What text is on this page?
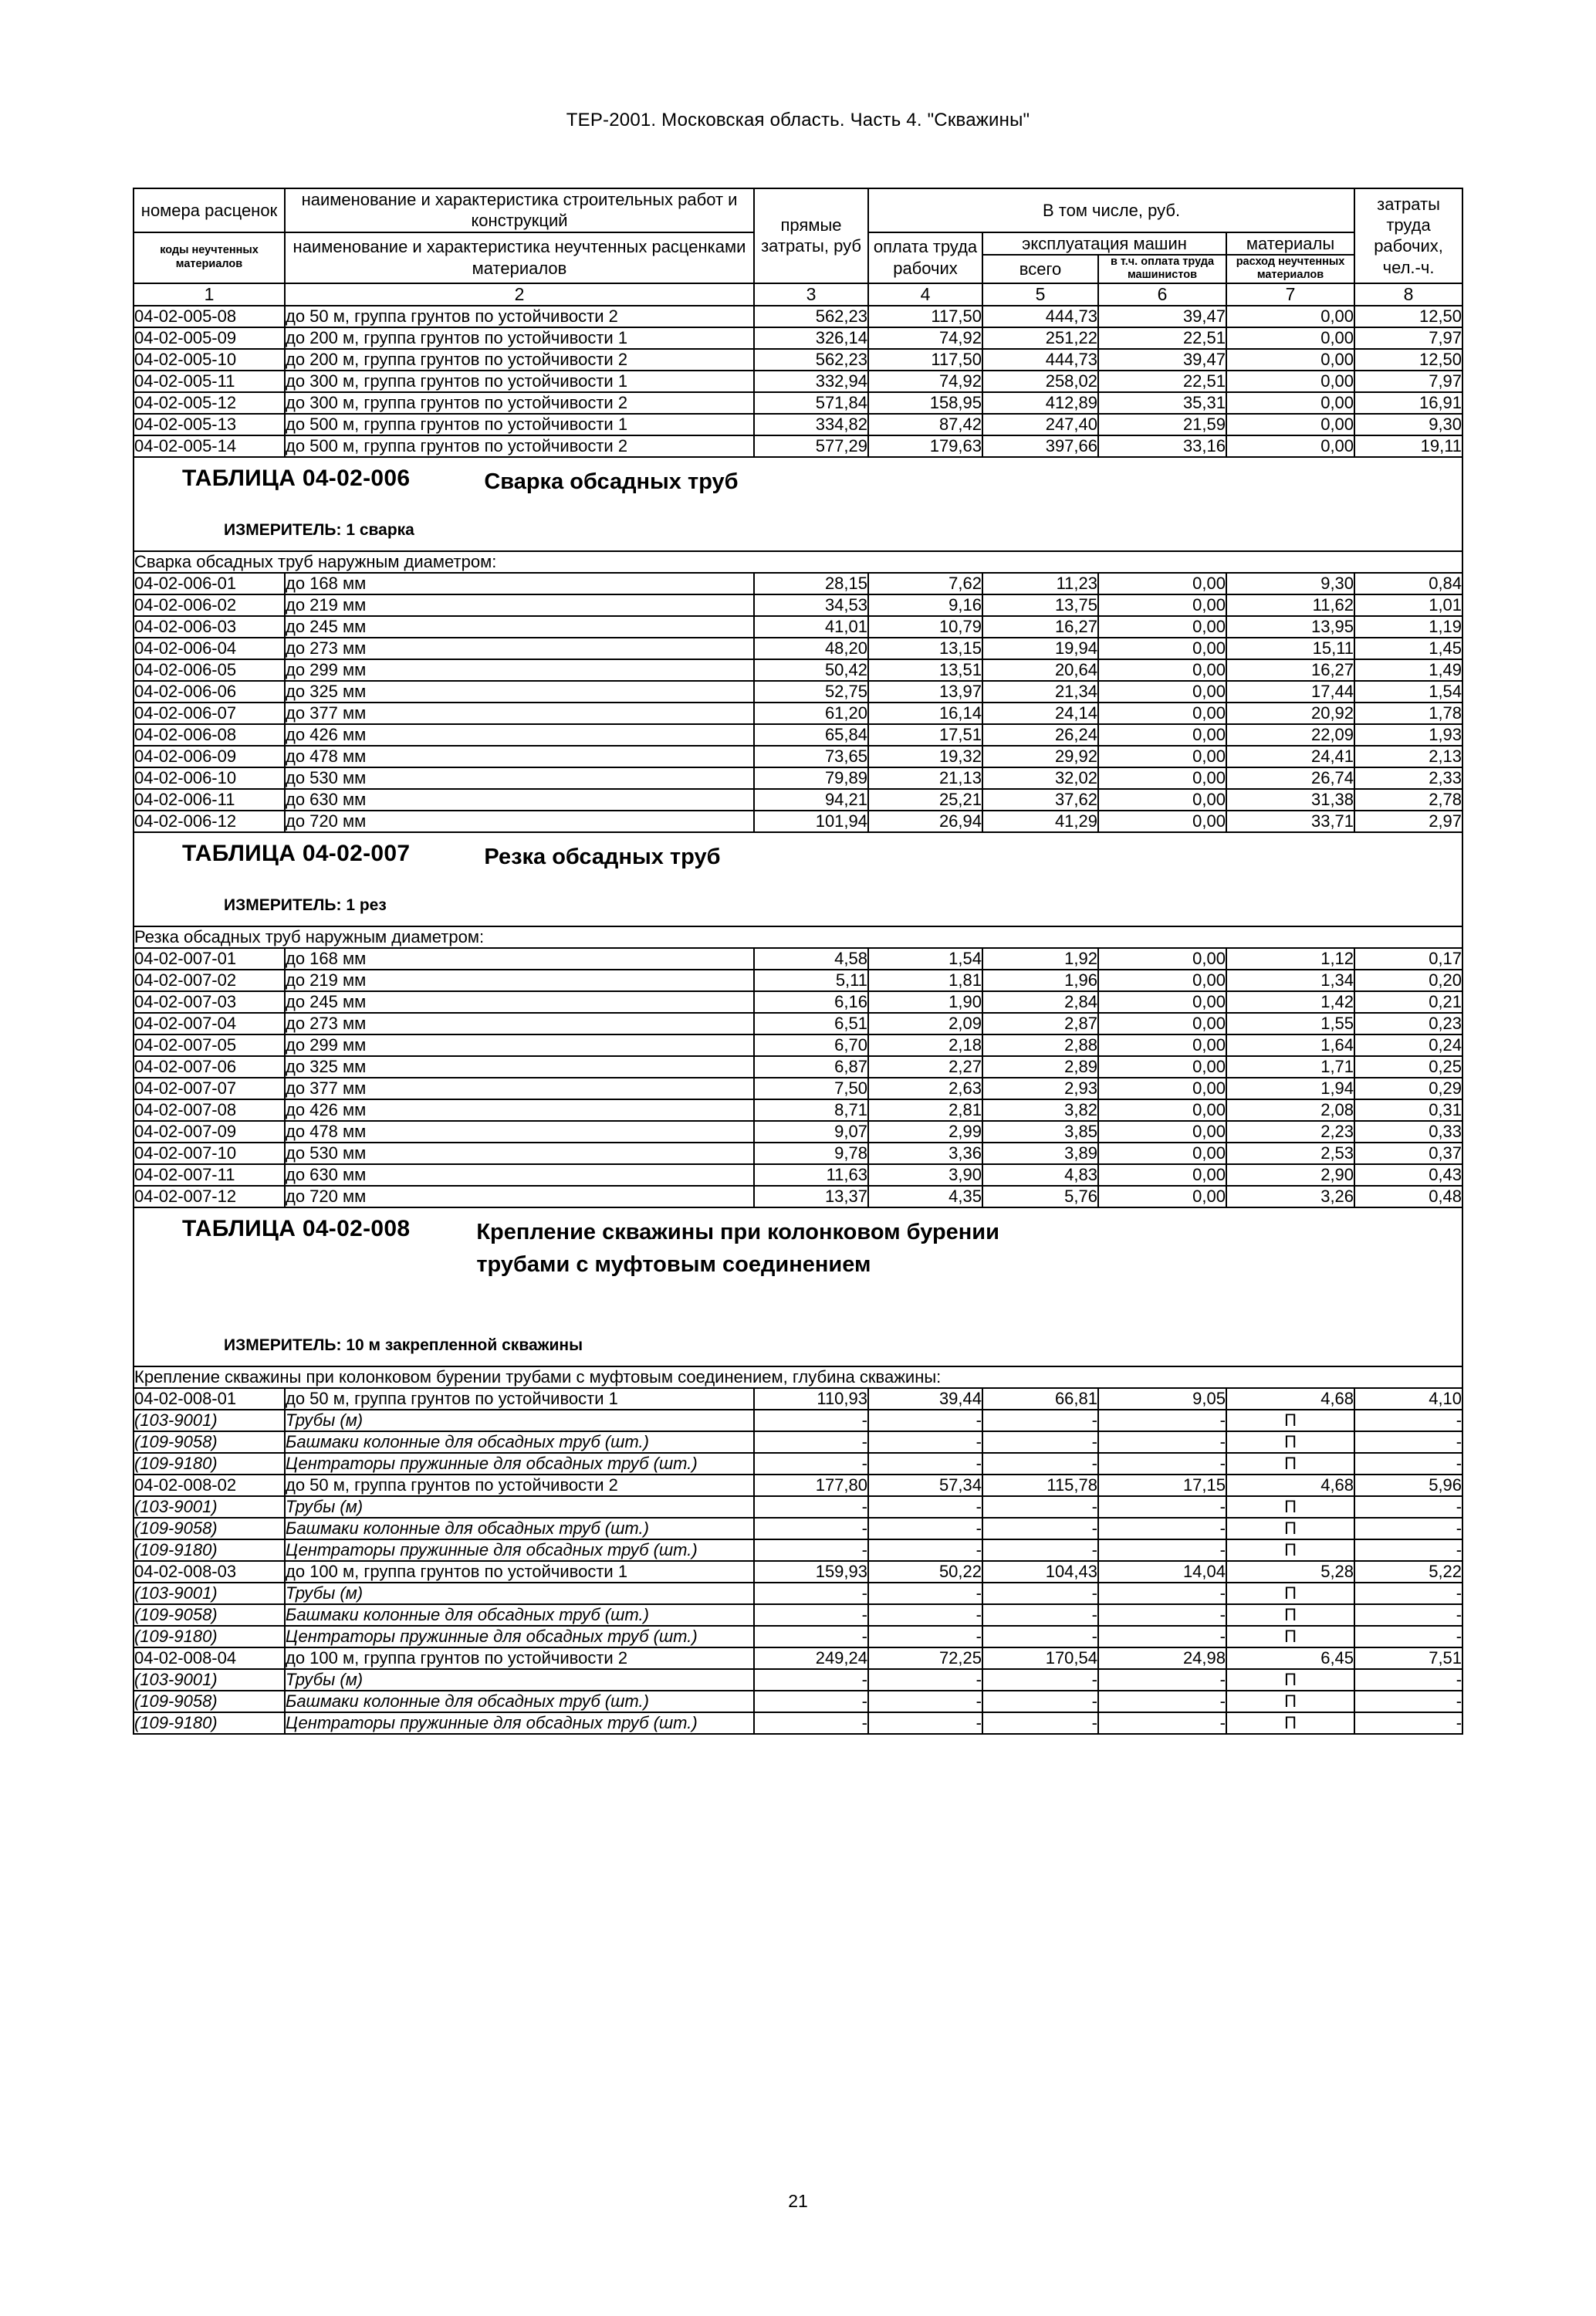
ТЕР-2001. Московская область. Часть 4. "Скважины"
номера расценок	наименование и характеристика строительных работ и конструкций	прямые затраты, руб	В том числе, руб.				затраты труда рабочих, чел.-ч.
коды неучтенных материалов	наименование и характеристика неучтенных расценками материалов		оплата труда рабочих	эксплуатация машин		материалы	
				всего	в т.ч. оплата труда машинистов	расход неучтенных материалов	
1	2	3	4	5	6	7	8
04-02-005-08	до 50 м, группа грунтов по устойчивости 2	562,23	117,50	444,73	39,47	0,00	12,50
04-02-005-09	до 200 м, группа грунтов по устойчивости 1	326,14	74,92	251,22	22,51	0,00	7,97
04-02-005-10	до 200 м, группа грунтов по устойчивости 2	562,23	117,50	444,73	39,47	0,00	12,50
04-02-005-11	до 300 м, группа грунтов по устойчивости 1	332,94	74,92	258,02	22,51	0,00	7,97
04-02-005-12	до 300 м, группа грунтов по устойчивости 2	571,84	158,95	412,89	35,31	0,00	16,91
04-02-005-13	до 500 м, группа грунтов по устойчивости 1	334,82	87,42	247,40	21,59	0,00	9,30
04-02-005-14	до 500 м, группа грунтов по устойчивости 2	577,29	179,63	397,66	33,16	0,00	19,11

ТАБЛИЦА 04-02-006 Сварка обсадных труб
ИЗМЕРИТЕЛЬ: 1 сварка							

Сварка обсадных труб наружным диаметром:							
04-02-006-01	до 168 мм	28,15	7,62	11,23	0,00	9,30	0,84
04-02-006-02	до 219 мм	34,53	9,16	13,75	0,00	11,62	1,01
04-02-006-03	до 245 мм	41,01	10,79	16,27	0,00	13,95	1,19
04-02-006-04	до 273 мм	48,20	13,15	19,94	0,00	15,11	1,45
04-02-006-05	до 299 мм	50,42	13,51	20,64	0,00	16,27	1,49
04-02-006-06	до 325 мм	52,75	13,97	21,34	0,00	17,44	1,54
04-02-006-07	до 377 мм	61,20	16,14	24,14	0,00	20,92	1,78
04-02-006-08	до 426 мм	65,84	17,51	26,24	0,00	22,09	1,93
04-02-006-09	до 478 мм	73,65	19,32	29,92	0,00	24,41	2,13
04-02-006-10	до 530 мм	79,89	21,13	32,02	0,00	26,74	2,33
04-02-006-11	до 630 мм	94,21	25,21	37,62	0,00	31,38	2,78
04-02-006-12	до 720 мм	101,94	26,94	41,29	0,00	33,71	2,97

ТАБЛИЦА 04-02-007 Резка обсадных труб
ИЗМЕРИТЕЛЬ: 1 рез							

Резка обсадных труб наружным диаметром:							
04-02-007-01	до 168 мм	4,58	1,54	1,92	0,00	1,12	0,17
04-02-007-02	до 219 мм	5,11	1,81	1,96	0,00	1,34	0,20
04-02-007-03	до 245 мм	6,16	1,90	2,84	0,00	1,42	0,21
04-02-007-04	до 273 мм	6,51	2,09	2,87	0,00	1,55	0,23
04-02-007-05	до 299 мм	6,70	2,18	2,88	0,00	1,64	0,24
04-02-007-06	до 325 мм	6,87	2,27	2,89	0,00	1,71	0,25
04-02-007-07	до 377 мм	7,50	2,63	2,93	0,00	1,94	0,29
04-02-007-08	до 426 мм	8,71	2,81	3,82	0,00	2,08	0,31
04-02-007-09	до 478 мм	9,07	2,99	3,85	0,00	2,23	0,33
04-02-007-10	до 530 мм	9,78	3,36	3,89	0,00	2,53	0,37
04-02-007-11	до 630 мм	11,63	3,90	4,83	0,00	2,90	0,43
04-02-007-12	до 720 мм	13,37	4,35	5,76	0,00	3,26	0,48

ТАБЛИЦА 04-02-008 Крепление скважины при колонковом бурении
трубами с муфтовым соединением
ИЗМЕРИТЕЛЬ: 10 м закрепленной скважины							

Крепление скважины при колонковом бурении трубами с муфтовым соединением, глубина скважины:							
04-02-008-01	до 50 м, группа грунтов по устойчивости 1	110,93	39,44	66,81	9,05	4,68	4,10
(103-9001)	Трубы (м)	-	-	-	-	П	-
(109-9058)	Башмаки колонные для обсадных труб (шт.)	-	-	-	-	П	-
(109-9180)	Центраторы пружинные для обсадных труб (шт.)	-	-	-	-	П	-
04-02-008-02	до 50 м, группа грунтов по устойчивости 2	177,80	57,34	115,78	17,15	4,68	5,96
(103-9001)	Трубы (м)	-	-	-	-	П	-
(109-9058)	Башмаки колонные для обсадных труб (шт.)	-	-	-	-	П	-
(109-9180)	Центраторы пружинные для обсадных труб (шт.)	-	-	-	-	П	-
04-02-008-03	до 100 м, группа грунтов по устойчивости 1	159,93	50,22	104,43	14,04	5,28	5,22
(103-9001)	Трубы (м)	-	-	-	-	П	-
(109-9058)	Башмаки колонные для обсадных труб (шт.)	-	-	-	-	П	-
(109-9180)	Центраторы пружинные для обсадных труб (шт.)	-	-	-	-	П	-
04-02-008-04	до 100 м, группа грунтов по устойчивости 2	249,24	72,25	170,54	24,98	6,45	7,51
(103-9001)	Трубы (м)	-	-	-	-	П	-
(109-9058)	Башмаки колонные для обсадных труб (шт.)	-	-	-	-	П	-
(109-9180)	Центраторы пружинные для обсадных труб (шт.)	-	-	-	-	П	-
21
